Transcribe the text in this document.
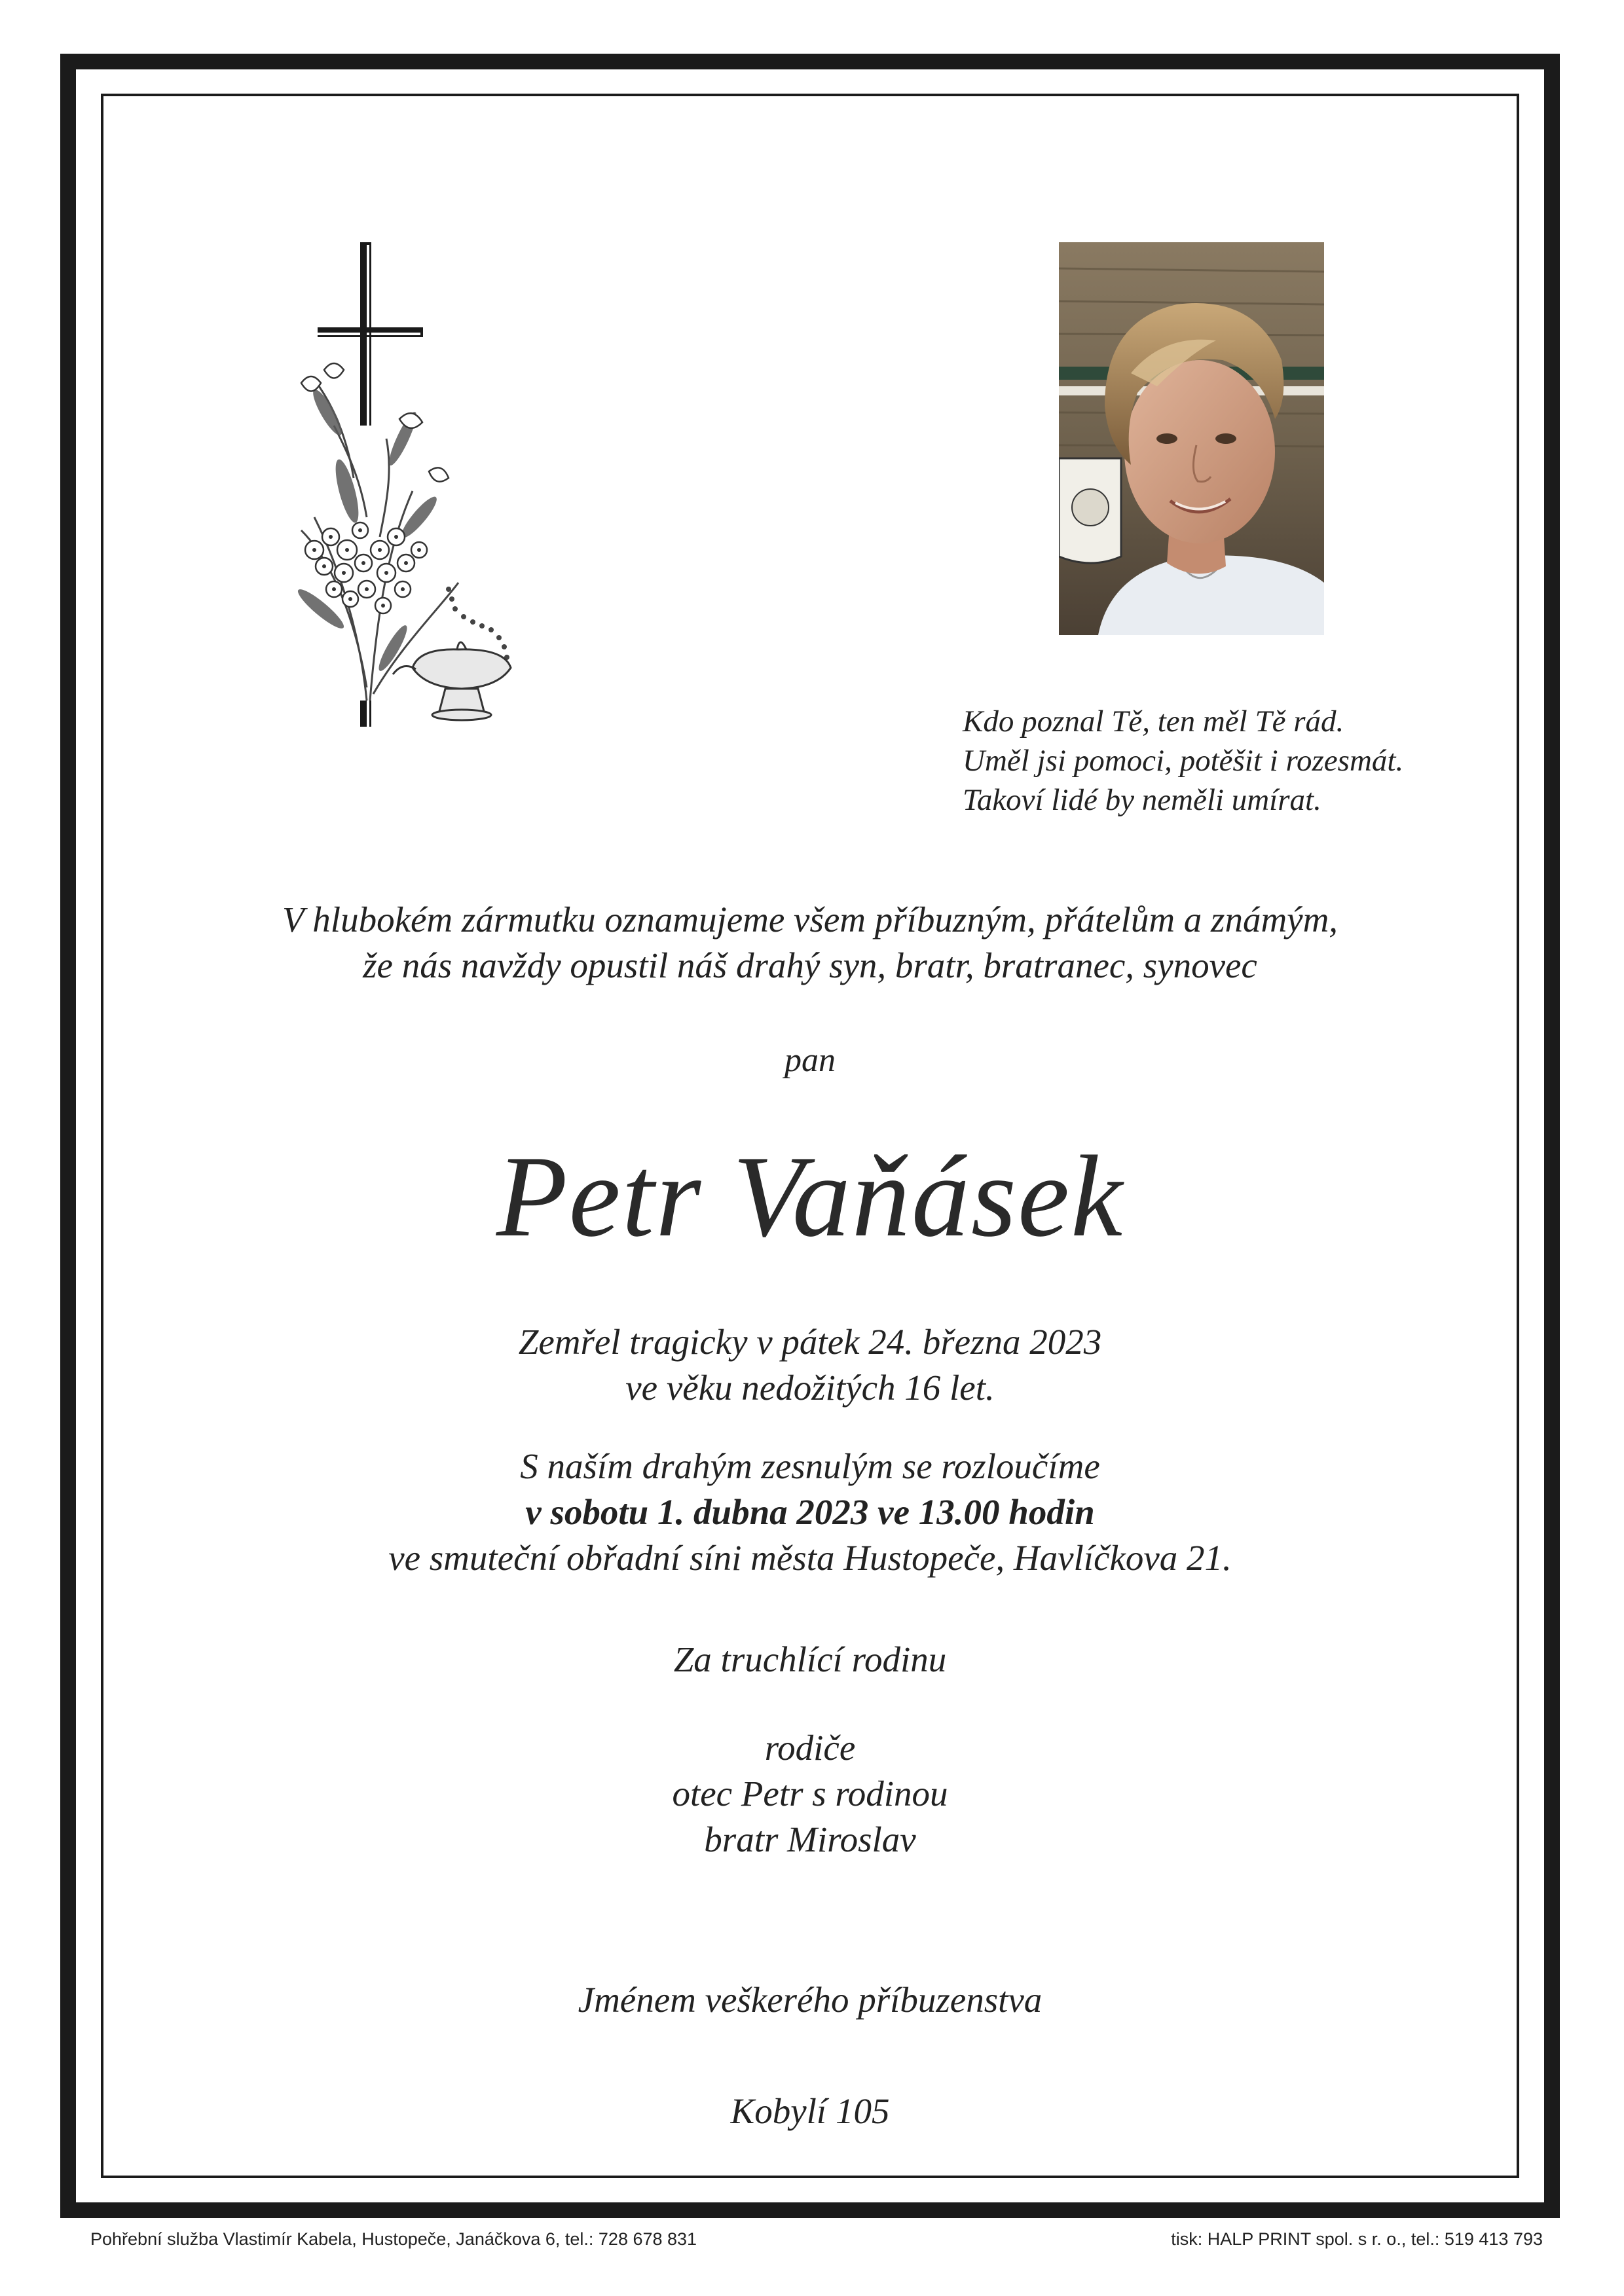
Kdo poznal Tě, ten měl Tě rád.
Uměl jsi pomoci, potěšit i rozesmát.
Takoví lidé by neměli umírat.
V hlubokém zármutku oznamujeme všem příbuzným, přátelům a známým,
že nás navždy opustil náš drahý syn, bratr, bratranec, synovec
pan
Petr Vaňásek
Zemřel tragicky v pátek 24. března 2023
ve věku nedožitých 16 let.
S naším drahým zesnulým se rozloučíme
v sobotu 1. dubna 2023 ve 13.00 hodin
ve smuteční obřadní síni města Hustopeče, Havlíčkova 21.
Za truchlící rodinu
rodiče
otec Petr s rodinou
bratr Miroslav
Jménem veškerého příbuzenstva
Kobylí 105
Pohřební služba Vlastimír Kabela, Hustopeče, Janáčkova 6, tel.: 728 678 831	tisk: HALP PRINT spol. s r. o., tel.: 519 413 793
